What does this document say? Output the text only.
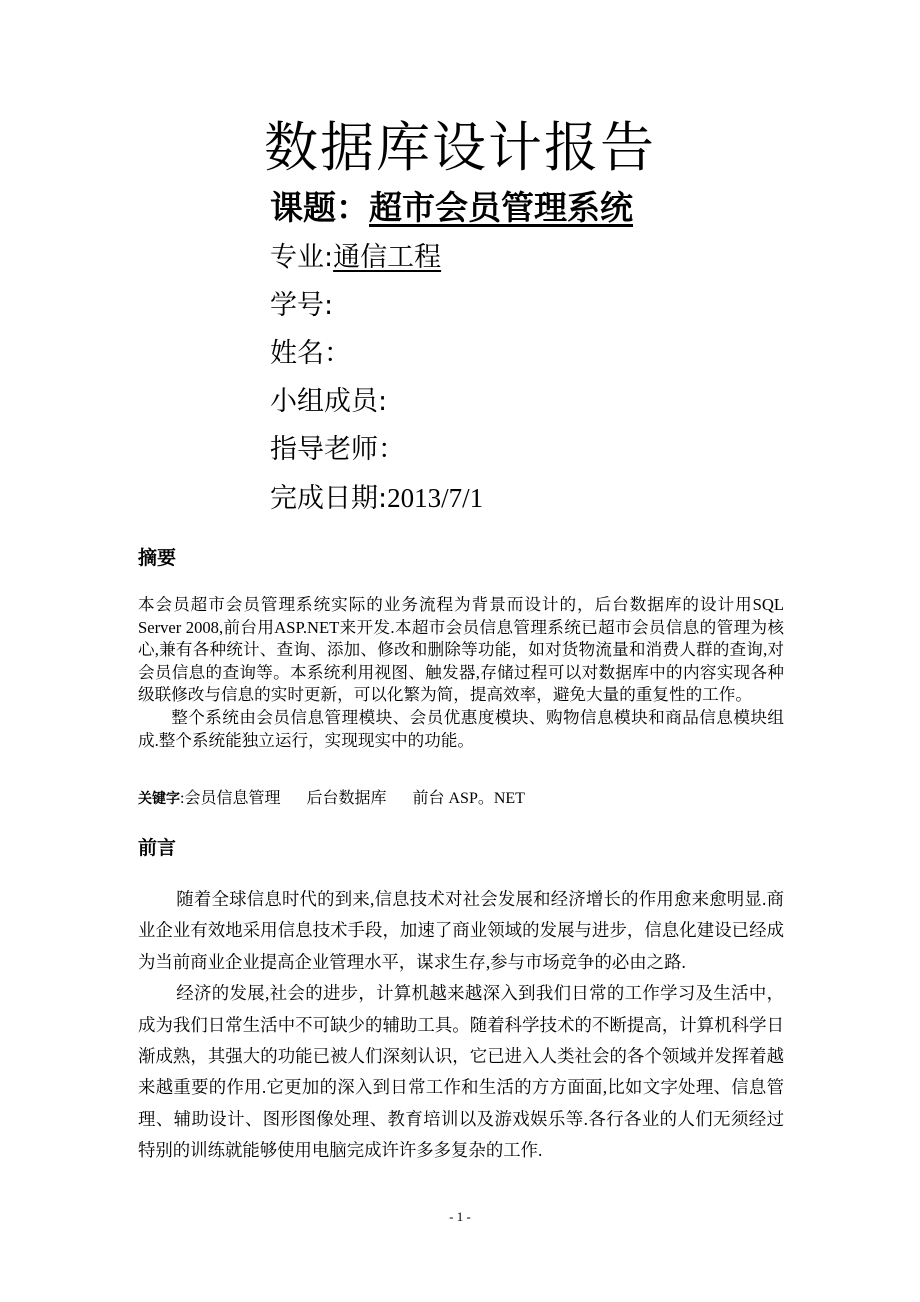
数据库设计报告
课题：超市会员管理系统
专业:通信工程
学号:
姓名：
小组成员:
指导老师：
完成日期:2013/7/1
摘要

本会员超市会员管理系统实际的业务流程为背景而设计的，后台数据库的设计用SQL Server 2008,前台用ASP.NET来开发.本超市会员信息管理系统已超市会员信息的管理为核心,兼有各种统计、查询、添加、修改和删除等功能，如对货物流量和消费人群的查询,对会员信息的查询等。本系统利用视图、触发器,存储过程可以对数据库中的内容实现各种级联修改与信息的实时更新，可以化繁为简，提高效率，避免大量的重复性的工作。

整个系统由会员信息管理模块、会员优惠度模块、购物信息模块和商品信息模块组成.整个系统能独立运行，实现现实中的功能。

关键字:会员信息管理 后台数据库 前台 ASP。NET
前言

随着全球信息时代的到来,信息技术对社会发展和经济增长的作用愈来愈明显.商业企业有效地采用信息技术手段，加速了商业领域的发展与进步，信息化建设已经成为当前商业企业提高企业管理水平，谋求生存,参与市场竞争的必由之路.

经济的发展,社会的进步，计算机越来越深入到我们日常的工作学习及生活中，成为我们日常生活中不可缺少的辅助工具。随着科学技术的不断提高，计算机科学日渐成熟，其强大的功能已被人们深刻认识，它已进入人类社会的各个领域并发挥着越来越重要的作用.它更加的深入到日常工作和生活的方方面面,比如文字处理、信息管理、辅助设计、图形图像处理、教育培训以及游戏娱乐等.各行各业的人们无须经过特别的训练就能够使用电脑完成许许多多复杂的工作.

- 1 -
